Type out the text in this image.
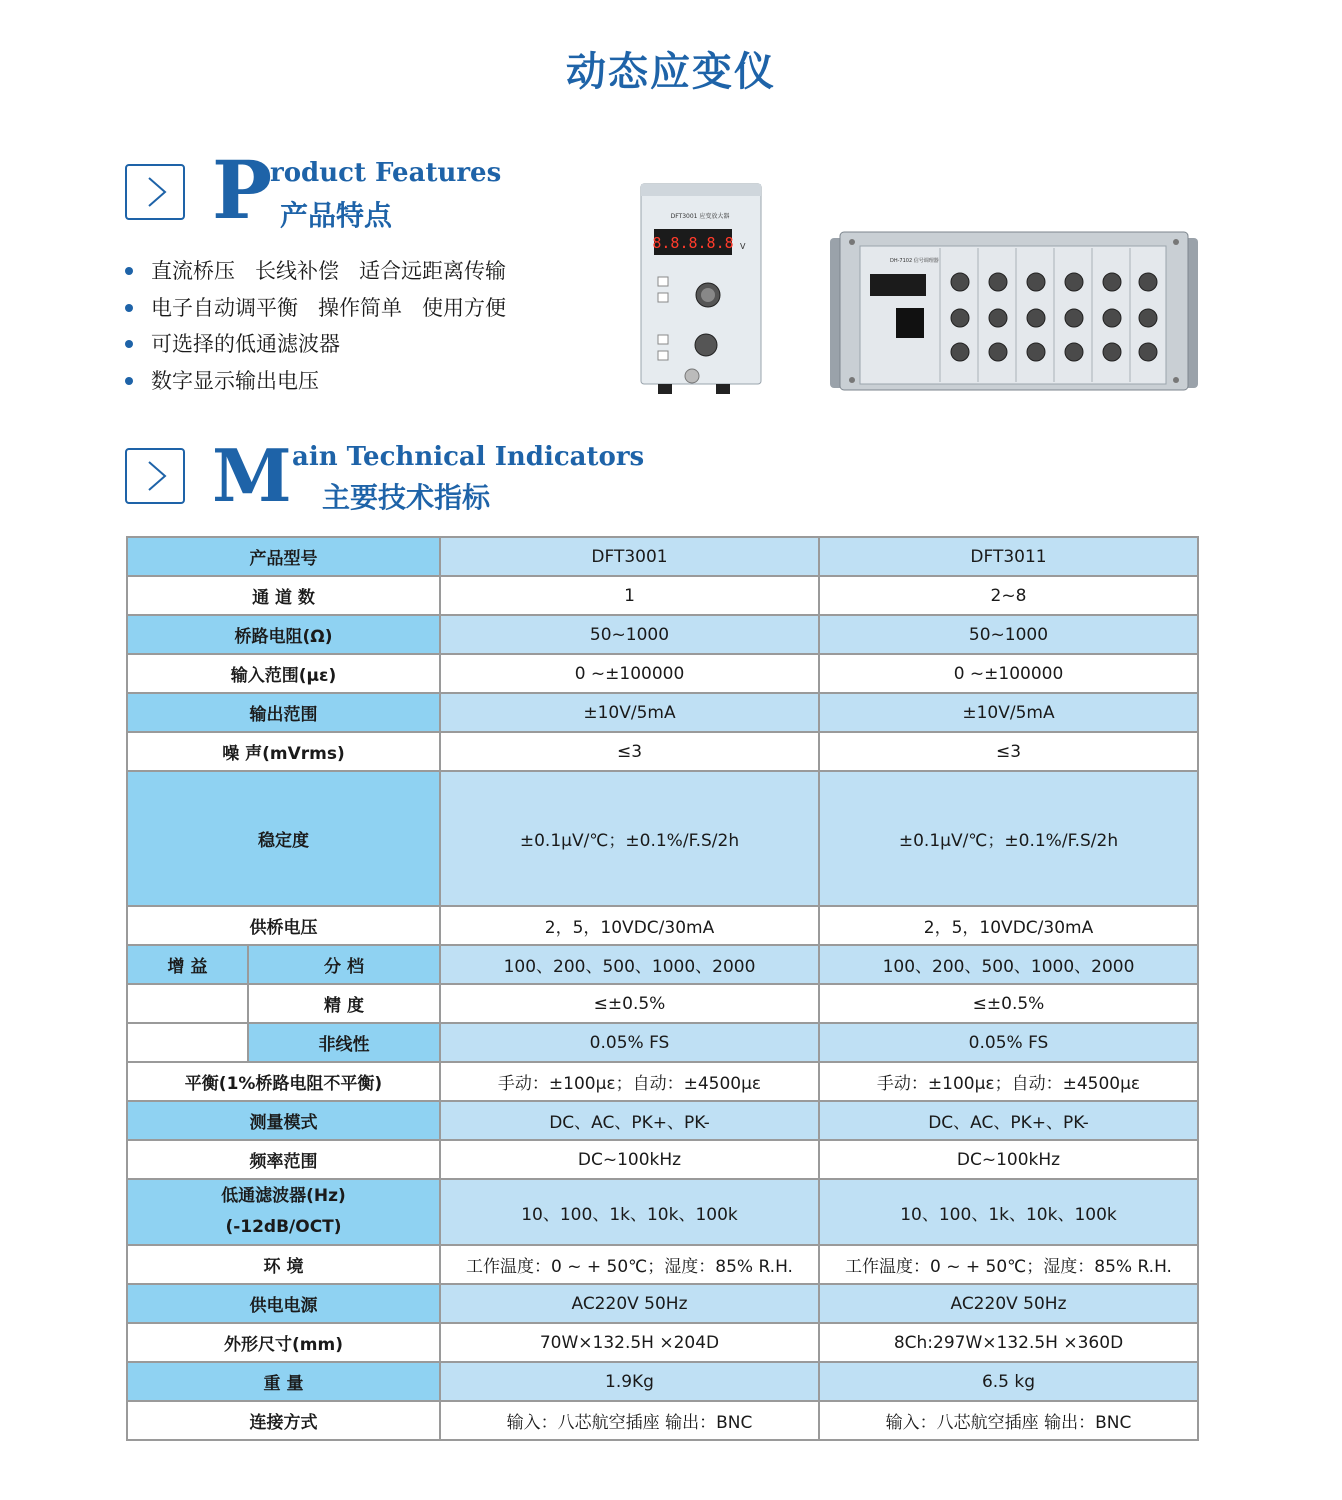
动态应变仪
P
roduct Features
产品特点
直流桥压   长线补偿   适合远距离传输
电子自动调平衡   操作简单   使用方便
可选择的低通滤波器
数字显示输出电压
DFT3001 应变放大器
8.8.8.8.8 V
DH-7102 信号调理器
M ain Technical Indicators
主要技术指标
产品型号		DFT3001	DFT3011
通 道 数		1	2~8
桥路电阻(Ω)		50~1000	50~1000
输入范围(με)		0 ~±100000	0 ~±100000
输出范围		±10V/5mA	±10V/5mA
噪 声(mVrms)		≤3	≤3
稳定度		±0.1μV/℃；±0.1%/F.S/2h	±0.1μV/℃；±0.1%/F.S/2h
供桥电压		2，5，10VDC/30mA	2，5，10VDC/30mA
增 益	分 档	100、200、500、1000、2000	100、200、500、1000、2000
	精 度	≤±0.5%	≤±0.5%
	非线性	0.05% FS	0.05% FS
平衡(1%桥路电阻不平衡)		手动：±100με；自动：±4500με	手动：±100με；自动：±4500με
测量模式		DC、AC、PK+、PK-	DC、AC、PK+、PK-
频率范围		DC~100kHz	DC~100kHz

低通滤波器(Hz)
(-12dB/OCT)		10、100、1k、10k、100k	10、100、1k、10k、100k
环 境		工作温度：0 ~ + 50℃；湿度：85% R.H.	工作温度：0 ~ + 50℃；湿度：85% R.H.
供电电源		AC220V 50Hz	AC220V 50Hz
外形尺寸(mm)		70W×132.5H ×204D	8Ch:297W×132.5H ×360D
重 量		1.9Kg	6.5 kg
连接方式		输入：八芯航空插座 输出：BNC	输入：八芯航空插座 输出：BNC
